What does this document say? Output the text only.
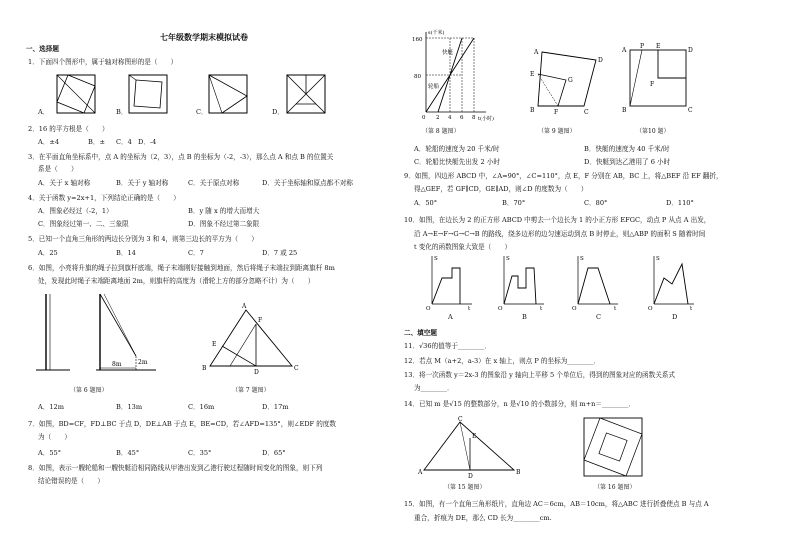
七年级数学期末模拟试卷
一、选择题
1．下面四个图形中，属于轴对称图形的是（　　）
A．	B．	C．	D．
2．16 的平方根是（　　）
A．±4	B．± C．4 D．-4
3．在平面直角坐标系中，点 A 的坐标为（2，3），点 B 的坐标为（-2，-3），那么点 A 和点 B 的位置关
系是（　　）
A．关于 x 轴对称	B．关于 y 轴对称	C．关于原点对称	D．关于坐标轴和原点都不对称
4．关于函数 y=2x+1，下列结论正确的是（　　）
A．图象必经过（-2，1）	B．y 随 x 的增大而增大
C．图象经过第一、二、三象限	D．图象不经过第二象限
5．已知一个直角三角形的两边长分别为 3 和 4，则第三边长的平方为（　　）
A．25	B．14	C．7	D．7 或 25
6．如图，小亮将升旗的绳子拉到旗杆底端，绳子末端刚好接触到地面，然后将绳子末端拉到距离旗杆 8m
处，发现此时绳子末端距离地面 2m，则旗杆的高度为（滑轮上方的部分忽略不计）为（　　）
8m	2m
（第 6 题图）
A
F
E
B
D
C
（第 7 题图）
A．12m	B．13m	C．16m	D．17m
7．如图，BD=CF，FD⊥BC 于点 D，DE⊥AB 于点 E，BE=CD，若∠AFD=135°，则∠EDF 的度数
为（　　）
A．55°	B．45°	C．35°	D．65°
8．如图，表示一艘轮船和一艘快艇沿相同路线从甲港出发到乙港行驶过程随时间变化的图象，则下列
结论错误的是（　　）
s(千米)
t(小时)
160
80
0 2 4 6 8
快艇
轮船
（第 8 题图）
A
D
E
G
B	F	C
（第 9 题图）
A
P E
F
B	C
D
（第10 题）
A．轮船的速度为 20 千米/时	B．快艇的速度为 40 千米/时
C．轮船比快艇先出发 2 小时	D．快艇到达乙港用了 6 小时
9．如图，四边形 ABCD 中，∠A=90°，∠C=110°，点 E，F 分别在 AB，BC 上，将△BEF 沿 EF 翻折，
得△GEF，若 GF∥CD，GE∥AD，则∠D 的度数为（　　）
A．50°	B．70°	C．80°	D．110°
10．如图，在边长为 2 的正方形 ABCD 中剪去一个边长为 1 的小正方形 EFGC，动点 P 从点 A 出发，
沿 A→E→F→G→C→B 的路线，绕多边形的边匀速运动到点 B 时停止，则△ABP 的面积 S 随着时间
t 变化的函数图象大致是（　　）
S
t
O
S
t
O
S
t
O
S
t
O
A	B	C	D
二、填空题
11．√36的值等于________．
12．若点 M（a+2，a-3）在 x 轴上，则点 P 的坐标为________．
13．将一次函数 y＝2x-3 的图象沿 y 轴向上平移 5 个单位后，得到的图象对应的函数关系式
为________．
14．已知 m 是√15 的整数部分，n 是√10 的小数部分，则 m+n＝________．
C
E
A
D
B
（第 15 题图）	（第 16 题图）
15．如图，有一个直角三角形纸片，直角边 AC＝6cm，AB＝10cm，将△ABC 进行折叠使点 B 与点 A
重合，折痕为 DE，那么 CD 长为________cm.
